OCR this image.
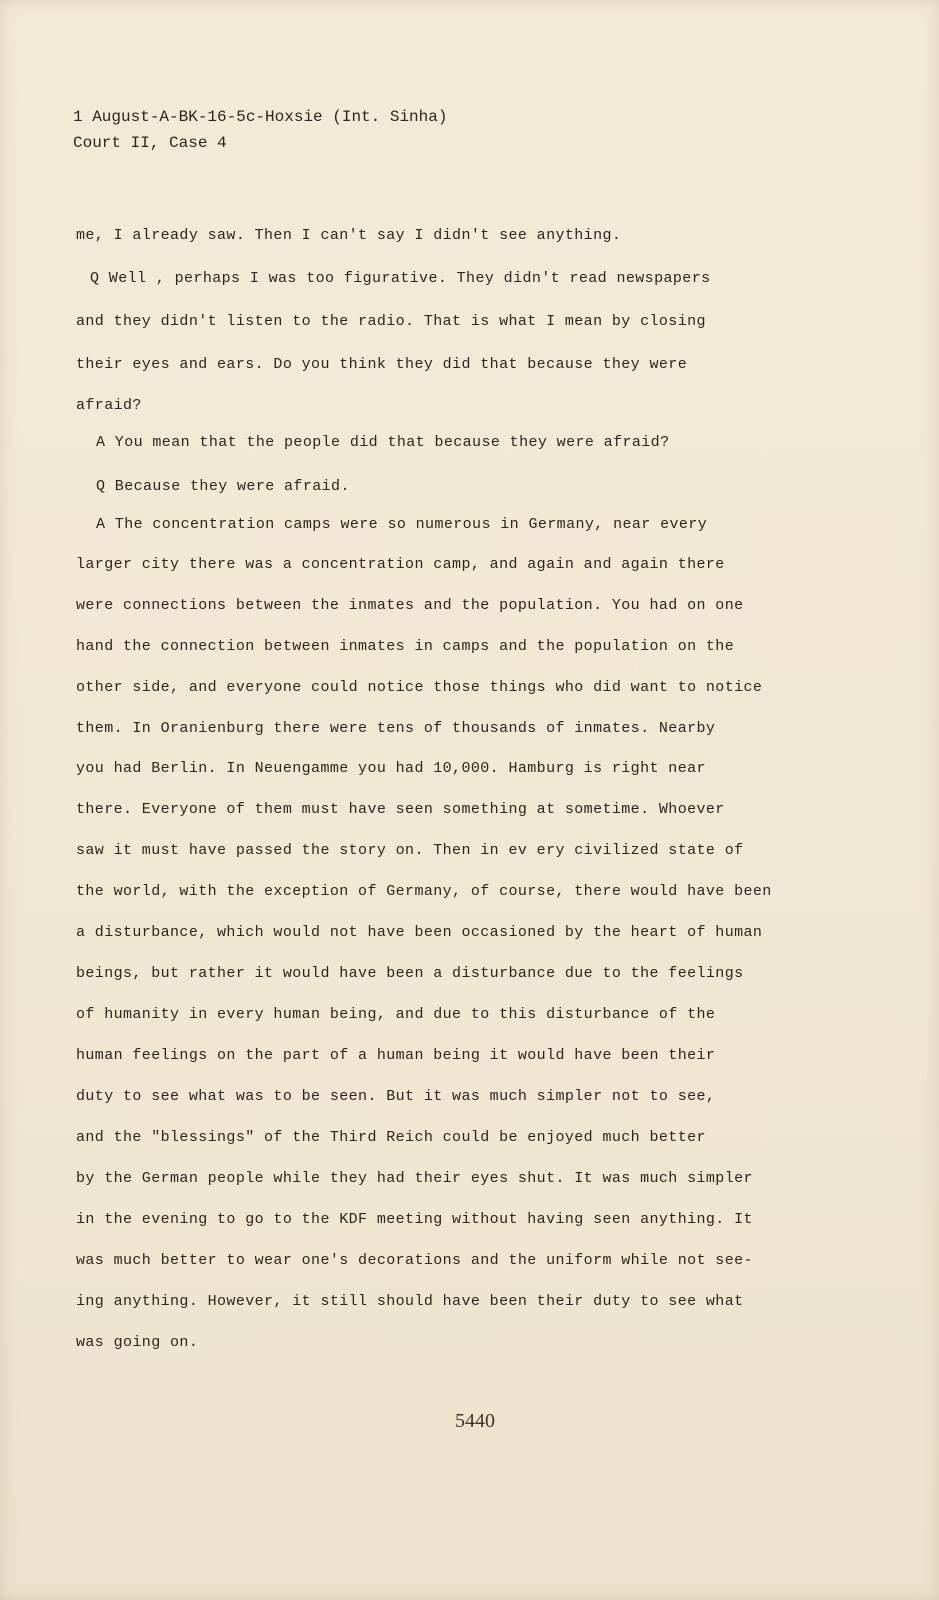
1 August-A-BK-16-5c-Hoxsie (Int. Sinha)
Court II, Case 4
me, I already saw. Then I can't say I didn't see anything.
Q Well , perhaps I was too figurative. They didn't read newspapers
and they didn't listen to the radio. That is what I mean by closing
their eyes and ears. Do you think they did that because they were
afraid?
A You mean that the people did that because they were afraid?
Q Because they were afraid.
A The concentration camps were so numerous in Germany, near every
larger city there was a concentration camp, and again and again there
were connections between the inmates and the population. You had on one
hand the connection between inmates in camps and the population on the
other side, and everyone could notice those things who did want to notice
them. In Oranienburg there were tens of thousands of inmates. Nearby
you had Berlin. In Neuengamme you had 10,000. Hamburg is right near
there. Everyone of them must have seen something at sometime. Whoever
saw it must have passed the story on. Then in ev ery civilized state of
the world, with the exception of Germany, of course, there would have been
a disturbance, which would not have been occasioned by the heart of human
beings, but rather it would have been a disturbance due to the feelings
of humanity in every human being, and due to this disturbance of the
human feelings on the part of a human being it would have been their
duty to see what was to be seen. But it was much simpler not to see,
and the "blessings" of the Third Reich could be enjoyed much better
by the German people while they had their eyes shut. It was much simpler
in the evening to go to the KDF meeting without having seen anything. It
was much better to wear one's decorations and the uniform while not see-
ing anything. However, it still should have been their duty to see what
was going on.
5440
